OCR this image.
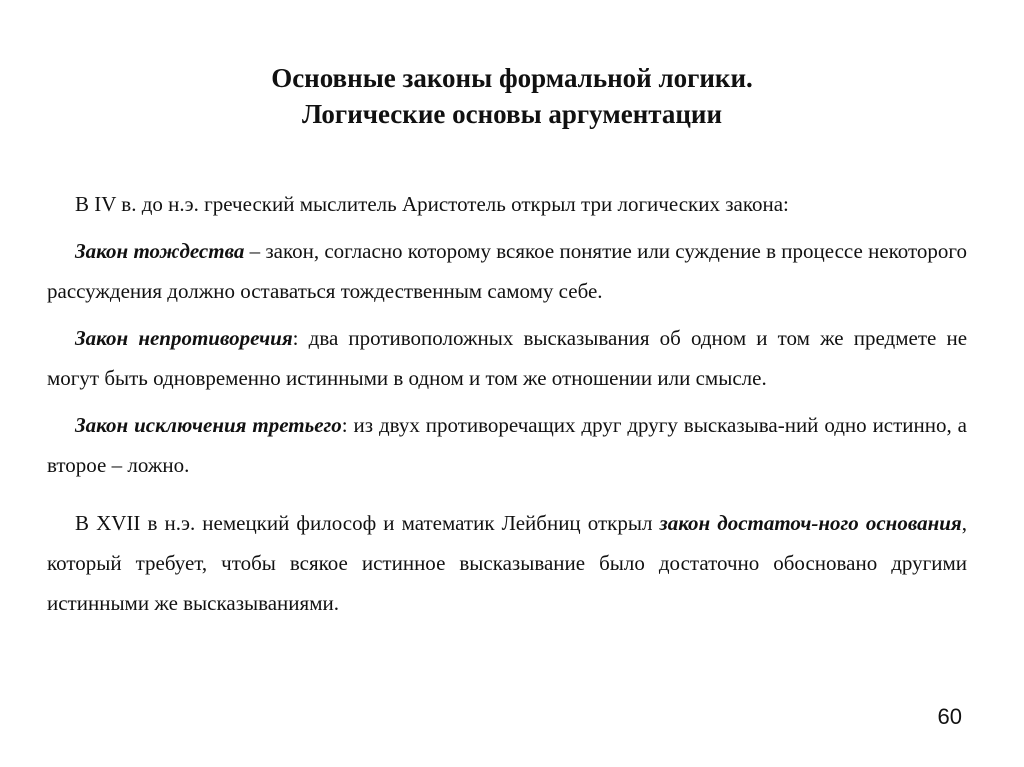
Основные законы формальной логики.
Логические основы аргументации

В IV в. до н.э. греческий мыслитель Аристотель открыл три логических закона:

Закон тождества – закон, согласно которому всякое понятие или суждение в процессе некоторого рассуждения должно оставаться тождественным самому себе.

Закон непротиворечия: два противоположных высказывания об одном и том же предмете не могут быть одновременно истинными в одном и том же отношении или смысле.

Закон исключения третьего: из двух противоречащих друг другу высказыва-ний одно истинно, а второе – ложно.

В XVII в н.э. немецкий философ и математик Лейбниц открыл закон достаточ-ного основания, который требует, чтобы всякое истинное высказывание было достаточно обосновано другими истинными же высказываниями.

60
